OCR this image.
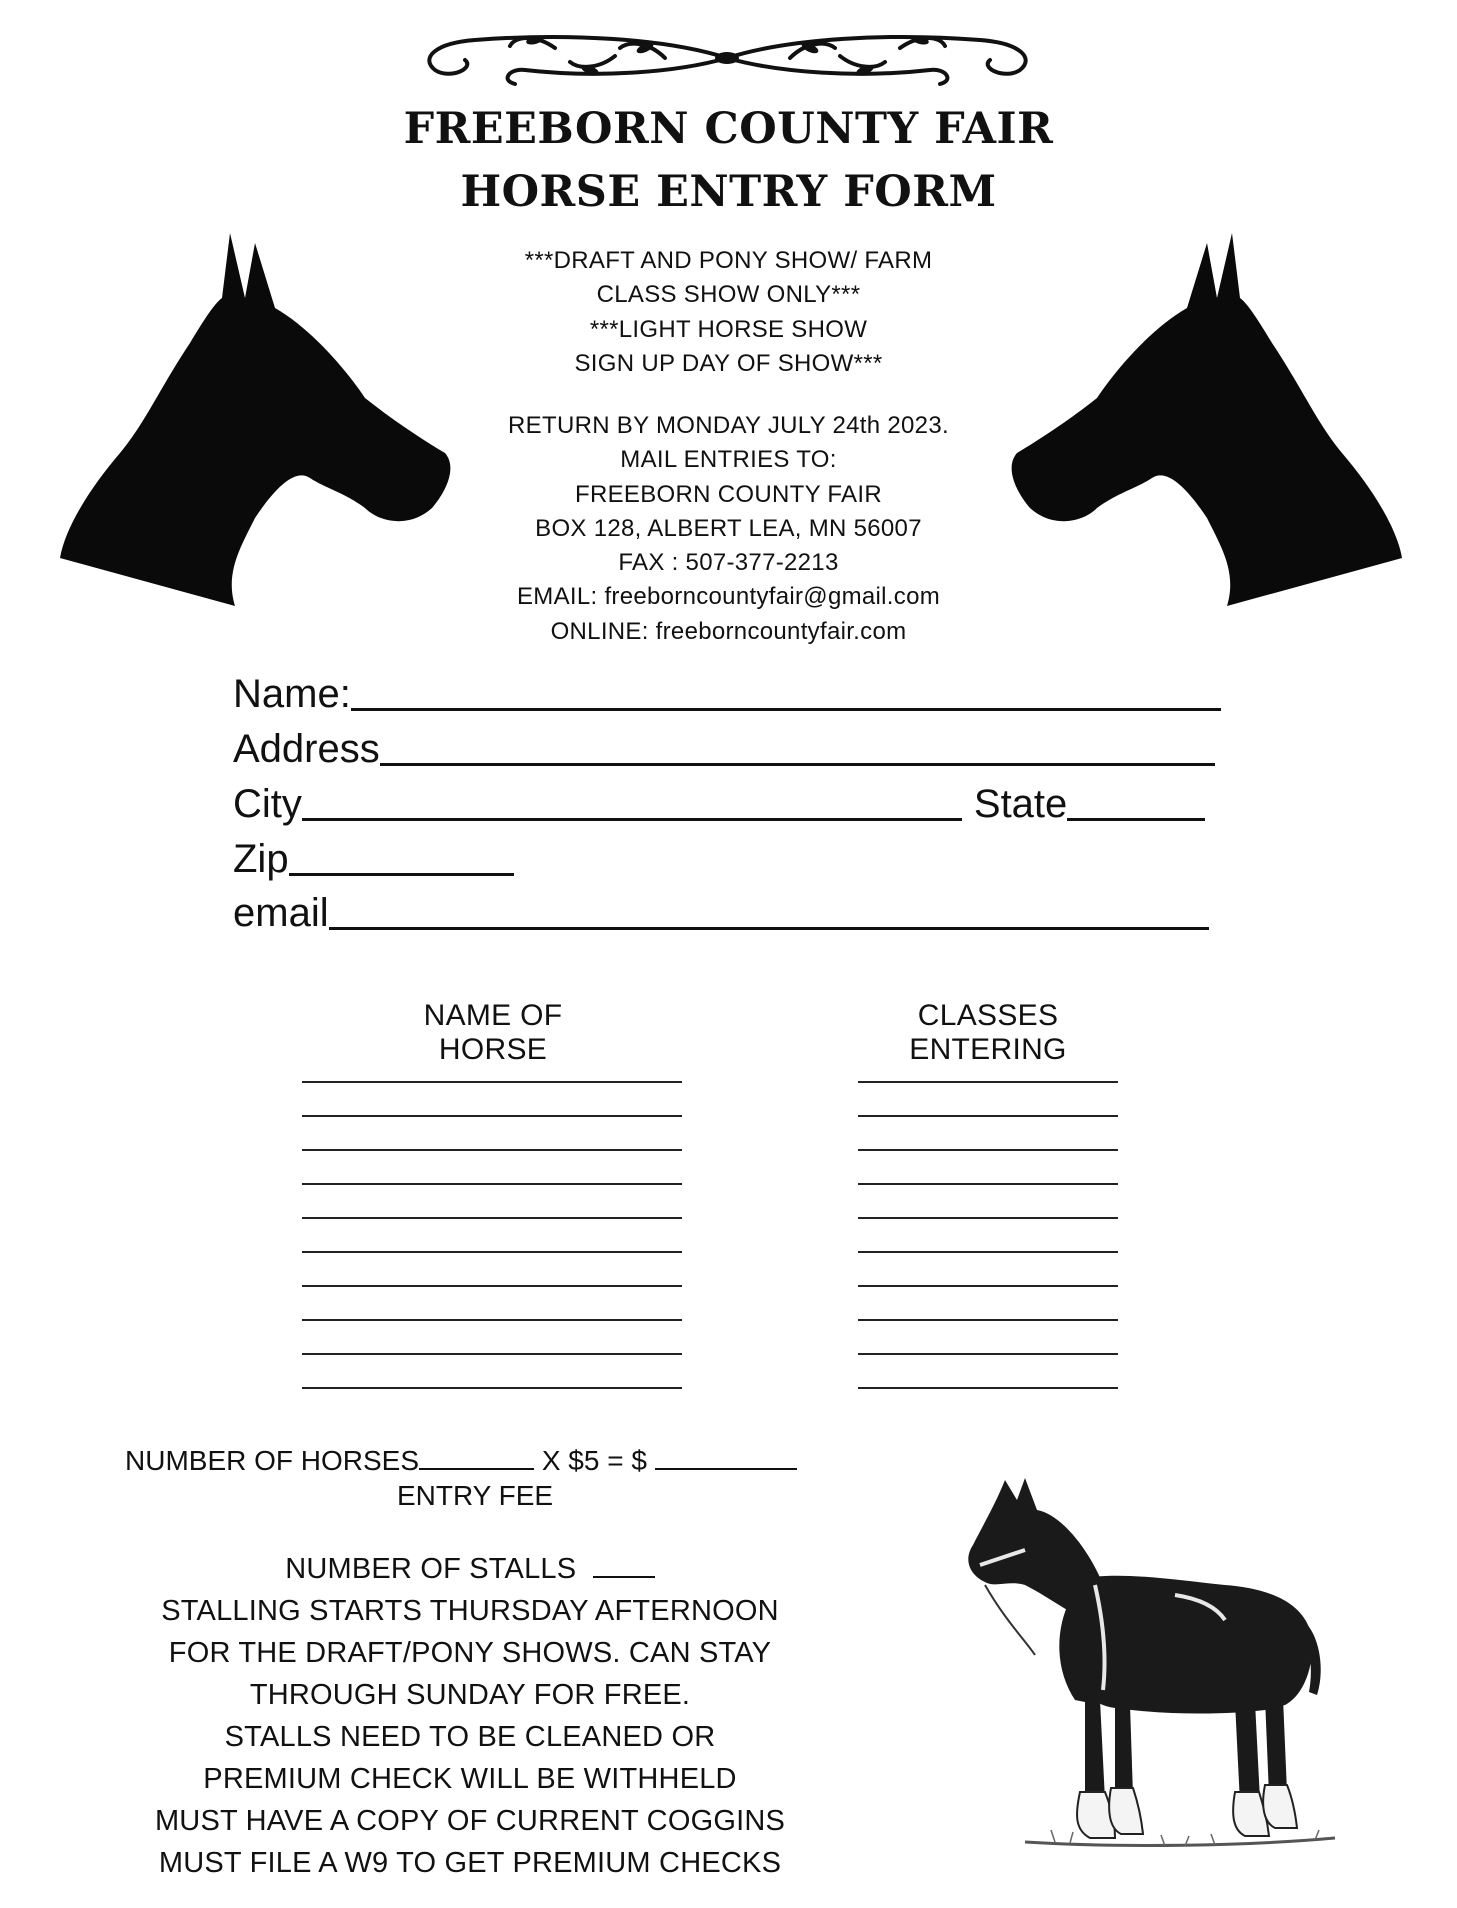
FREEBORN COUNTY FAIR
HORSE ENTRY FORM
***DRAFT AND PONY SHOW/ FARM
CLASS SHOW ONLY***
***LIGHT HORSE SHOW
SIGN UP DAY OF SHOW***
RETURN BY MONDAY JULY 24th 2023.
MAIL ENTRIES TO:
FREEBORN COUNTY FAIR
BOX 128, ALBERT LEA, MN 56007
FAX : 507-377-2213
EMAIL: freeborncountyfair@gmail.com
ONLINE: freeborncountyfair.com
Name:
Address
City	State
Zip
email
NAME OF HORSE
CLASSES ENTERING
NUMBER OF HORSES	X $5 = $
ENTRY FEE
NUMBER OF STALLS
STALLING STARTS THURSDAY AFTERNOON
FOR THE DRAFT/PONY SHOWS. CAN STAY
THROUGH SUNDAY FOR FREE.
STALLS NEED TO BE CLEANED OR
PREMIUM CHECK WILL BE WITHHELD
MUST HAVE A COPY OF CURRENT COGGINS
MUST FILE A W9 TO GET PREMIUM CHECKS
